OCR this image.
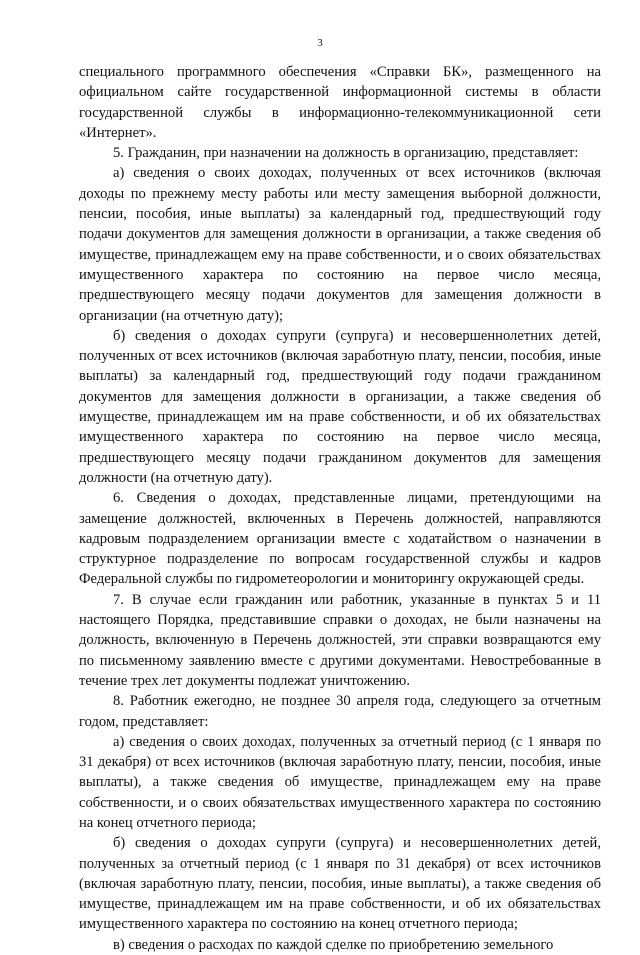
3

специального программного обеспечения «Справки БК», размещенного на официальном сайте государственной информационной системы в области государственной службы в информационно-телекоммуникационной сети «Интернет».

5. Гражданин, при назначении на должность в организацию, представляет:

а) сведения о своих доходах, полученных от всех источников (включая доходы по прежнему месту работы или месту замещения выборной должности, пенсии, пособия, иные выплаты) за календарный год, предшествующий году подачи документов для замещения должности в организации, а также сведения об имуществе, принадлежащем ему на праве собственности, и о своих обязательствах имущественного характера по состоянию на первое число месяца, предшествующего месяцу подачи документов для замещения должности в организации (на отчетную дату);

б) сведения о доходах супруги (супруга) и несовершеннолетних детей, полученных от всех источников (включая заработную плату, пенсии, пособия, иные выплаты) за календарный год, предшествующий году подачи гражданином документов для замещения должности в организации, а также сведения об имуществе, принадлежащем им на праве собственности, и об их обязательствах имущественного характера по состоянию на первое число месяца, предшествующего месяцу подачи гражданином документов для замещения должности (на отчетную дату).

6. Сведения о доходах, представленные лицами, претендующими на замещение должностей, включенных в Перечень должностей, направляются кадровым подразделением организации вместе с ходатайством о назначении в структурное подразделение по вопросам государственной службы и кадров Федеральной службы по гидрометеорологии и мониторингу окружающей среды.

7. В случае если гражданин или работник, указанные в пунктах 5 и 11 настоящего Порядка, представившие справки о доходах, не были назначены на должность, включенную в Перечень должностей, эти справки возвращаются ему по письменному заявлению вместе с другими документами. Невостребованные в течение трех лет документы подлежат уничтожению.

8. Работник ежегодно, не позднее 30 апреля года, следующего за отчетным годом, представляет:

а) сведения о своих доходах, полученных за отчетный период (с 1 января по 31 декабря) от всех источников (включая заработную плату, пенсии, пособия, иные выплаты), а также сведения об имуществе, принадлежащем ему на праве собственности, и о своих обязательствах имущественного характера по состоянию на конец отчетного периода;

б) сведения о доходах супруги (супруга) и несовершеннолетних детей, полученных за отчетный период (с 1 января по 31 декабря) от всех источников (включая заработную плату, пенсии, пособия, иные выплаты), а также сведения об имуществе, принадлежащем им на праве собственности, и об их обязательствах имущественного характера по состоянию на конец отчетного периода;

в) сведения о расходах по каждой сделке по приобретению земельного
